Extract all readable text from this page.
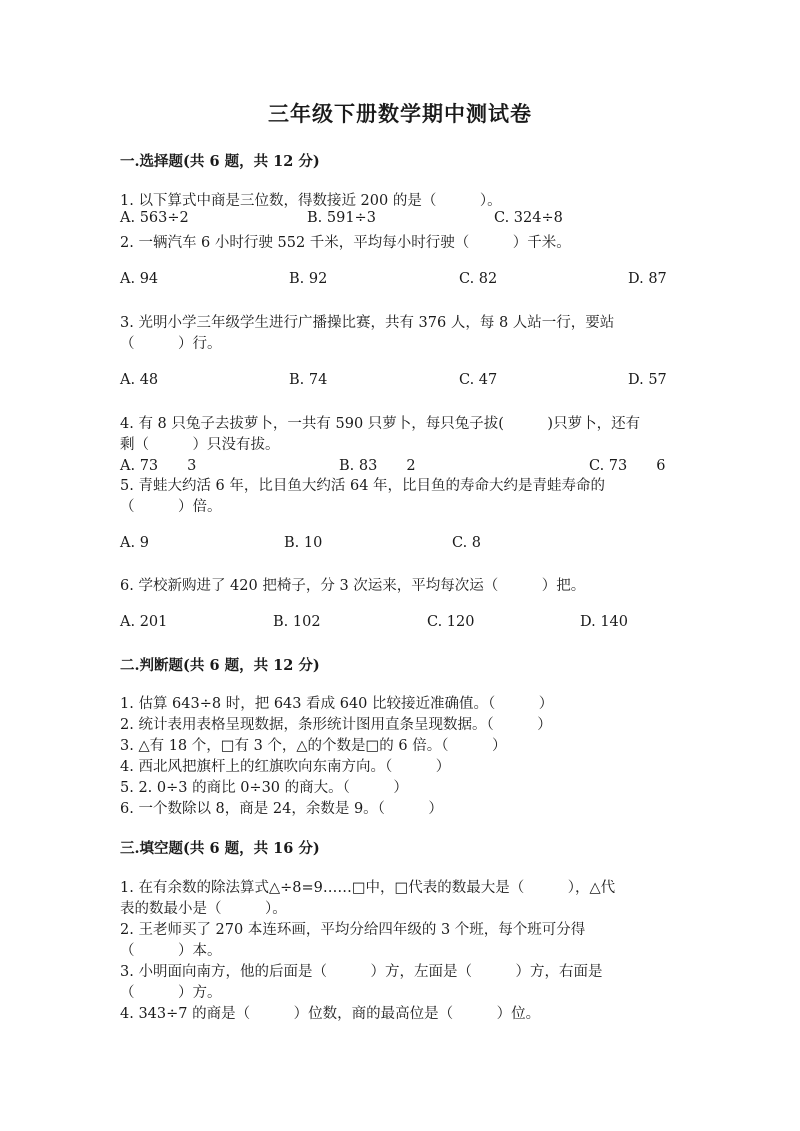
三年级下册数学期中测试卷
一.选择题(共 6 题，共 12 分)
1. 以下算式中商是三位数，得数接近 200 的是（　　　）。
A. 563÷2	B. 591÷3	C. 324÷8
2. 一辆汽车 6 小时行驶 552 千米，平均每小时行驶（　　　）千米。
A. 94	B. 92	C. 82	D. 87
3. 光明小学三年级学生进行广播操比赛，共有 376 人，每 8 人站一行，要站
（　　　）行。
A. 48	B. 74	C. 47	D. 57
4. 有 8 只兔子去拔萝卜，一共有 590 只萝卜，每只兔子拔(　　　)只萝卜，还有
剩（　　　）只没有拔。
A. 73　　3	B. 83　　2	C. 73　　6
5. 青蛙大约活 6 年，比目鱼大约活 64 年，比目鱼的寿命大约是青蛙寿命的
（　　　）倍。
A. 9	B. 10	C. 8
6. 学校新购进了 420 把椅子，分 3 次运来，平均每次运（　　　）把。
A. 201	B. 102	C. 120	D. 140
二.判断题(共 6 题，共 12 分)
1. 估算 643÷8 时，把 643 看成 640 比较接近准确值。（　　　）
2. 统计表用表格呈现数据，条形统计图用直条呈现数据。（　　　）
3. △有 18 个，□有 3 个，△的个数是□的 6 倍。（　　　）
4. 西北风把旗杆上的红旗吹向东南方向。（　　　）
5. 2. 0÷3 的商比 0÷30 的商大。（　　　）
6. 一个数除以 8，商是 24，余数是 9。（　　　）
三.填空题(共 6 题，共 16 分)
1. 在有余数的除法算式△÷8=9……□中，□代表的数最大是（　　　），△代
表的数最小是（　　　）。
2. 王老师买了 270 本连环画，平均分给四年级的 3 个班，每个班可分得
（　　　）本。
3. 小明面向南方，他的后面是（　　　）方，左面是（　　　）方，右面是
（　　　）方。
4. 343÷7 的商是（　　　）位数，商的最高位是（　　　）位。
